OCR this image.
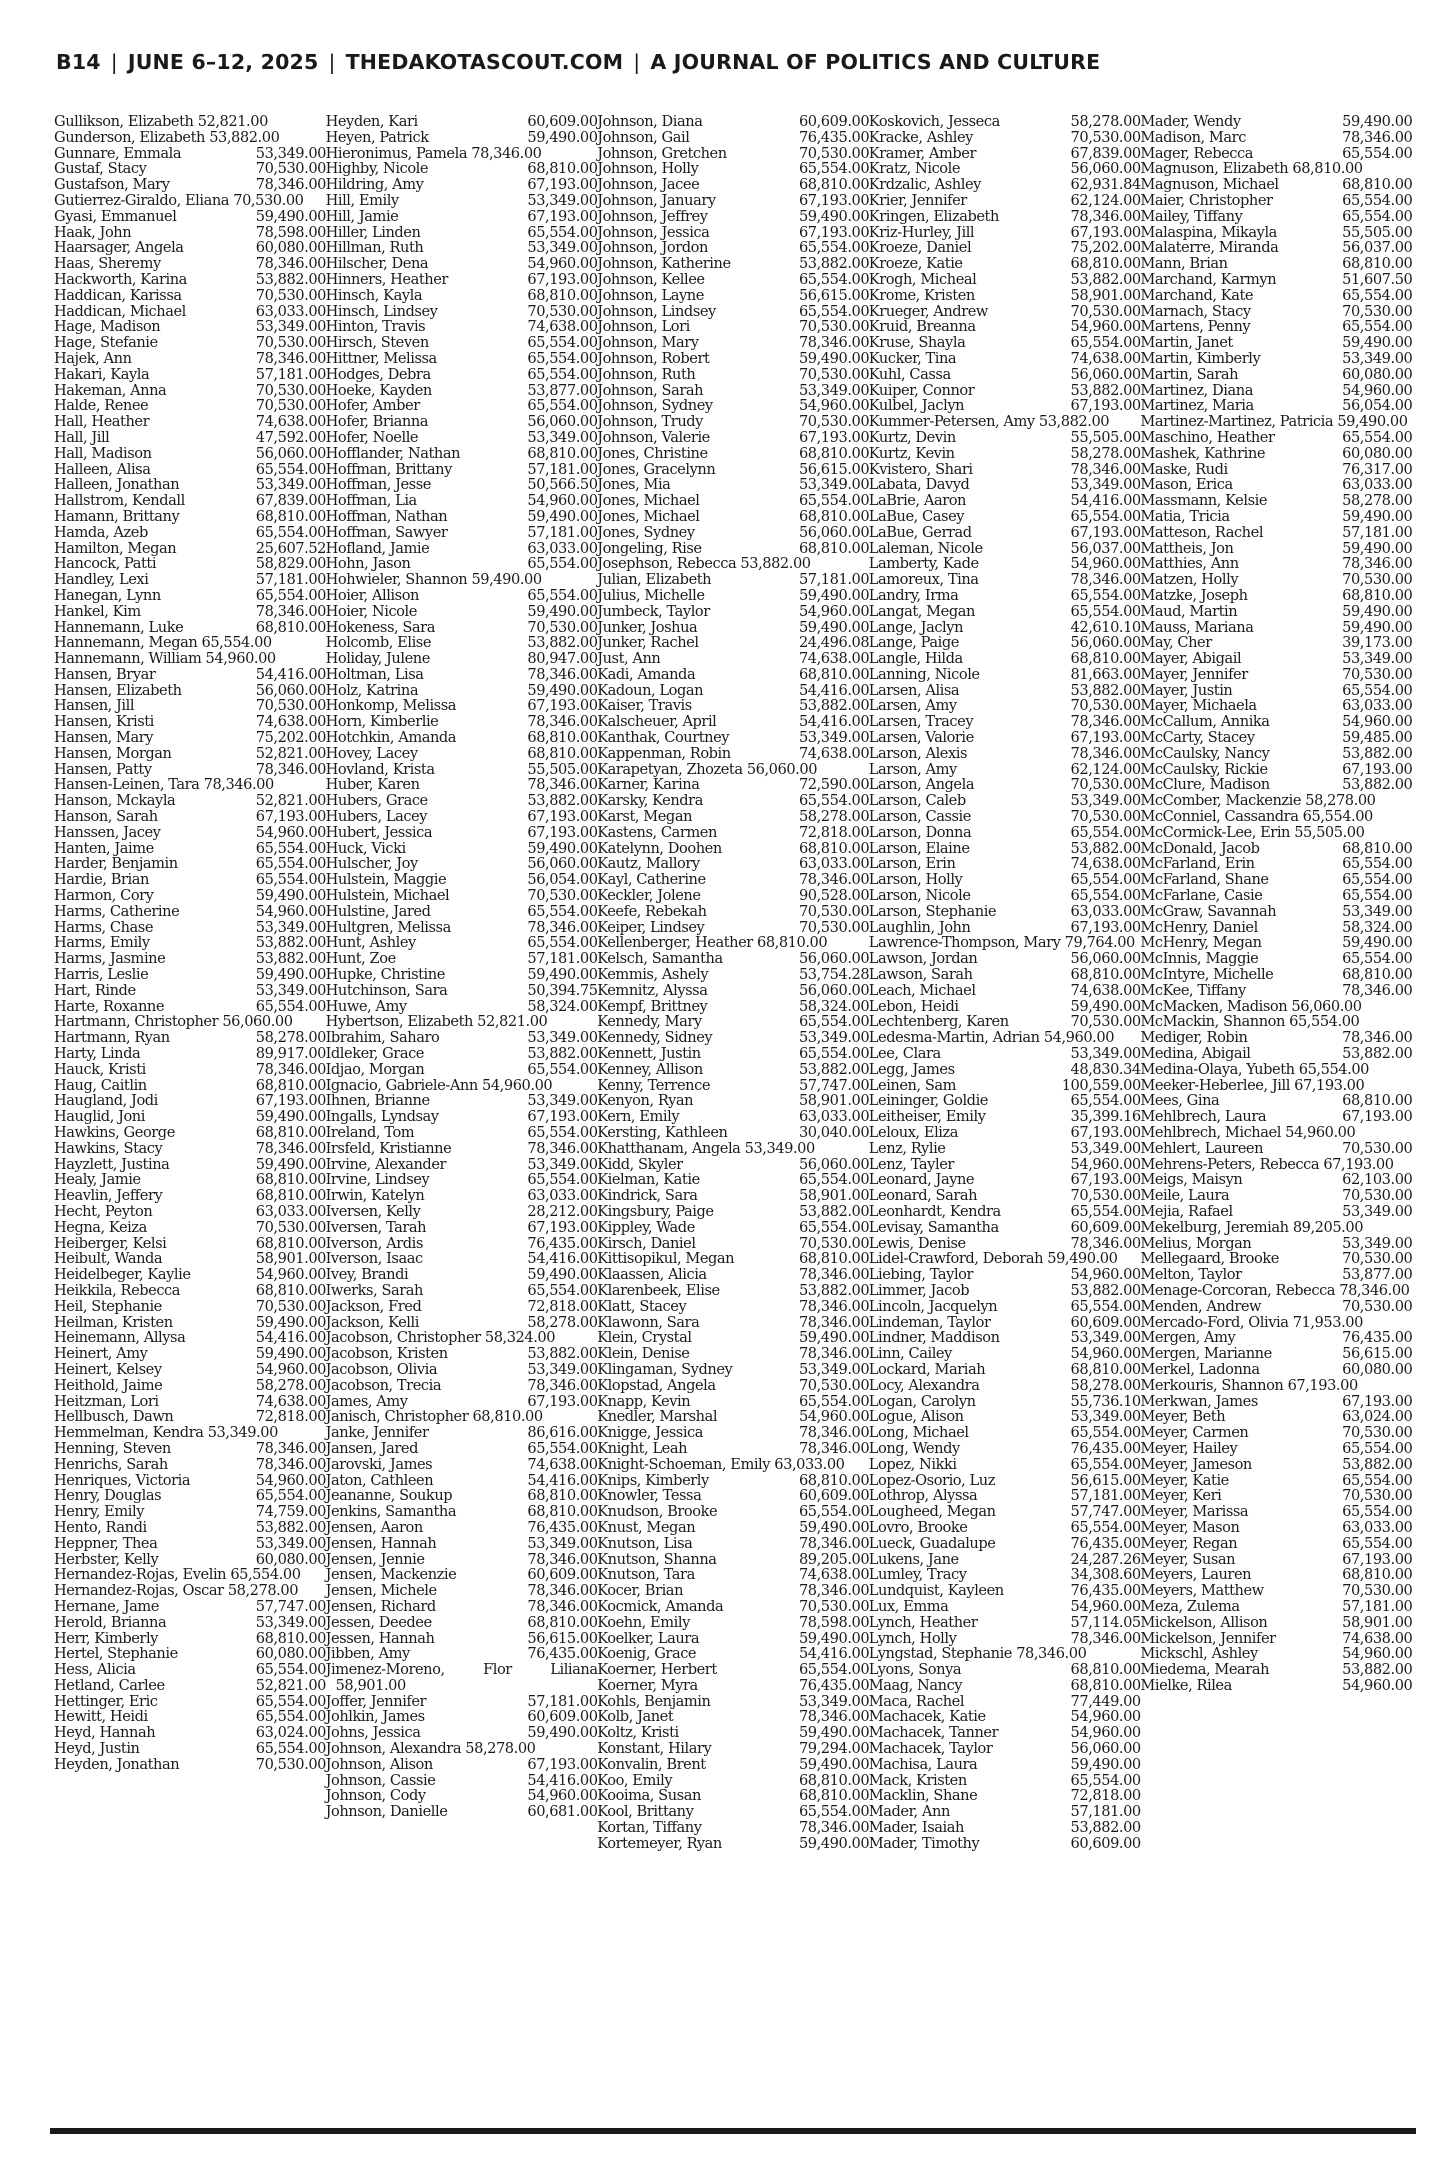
B14 | JUNE 6–12, 2025 | THEDAKOTASCOUT.COM | A JOURNAL OF POLITICS AND CULTURE
Gullikson, Elizabeth 52,821.00
Gunderson, Elizabeth 53,882.00
Gunnare, Emmala	53,349.00
Gustaf, Stacy	70,530.00
Gustafson, Mary	78,346.00
Gutierrez-Giraldo, Eliana 70,530.00
Gyasi, Emmanuel	59,490.00
Haak, John	78,598.00
Haarsager, Angela	60,080.00
Haas, Sheremy	78,346.00
Hackworth, Karina	53,882.00
Haddican, Karissa	70,530.00
Haddican, Michael	63,033.00
Hage, Madison	53,349.00
Hage, Stefanie	70,530.00
Hajek, Ann	78,346.00
Hakari, Kayla	57,181.00
Hakeman, Anna	70,530.00
Halde, Renee	70,530.00
Hall, Heather	74,638.00
Hall, Jill	47,592.00
Hall, Madison	56,060.00
Halleen, Alisa	65,554.00
Halleen, Jonathan	53,349.00
Hallstrom, Kendall	67,839.00
Hamann, Brittany	68,810.00
Hamda, Azeb	65,554.00
Hamilton, Megan	25,607.52
Hancock, Patti	58,829.00
Handley, Lexi	57,181.00
Hanegan, Lynn	65,554.00
Hankel, Kim	78,346.00
Hannemann, Luke	68,810.00
Hannemann, Megan 65,554.00
Hannemann, William 54,960.00
Hansen, Bryar	54,416.00
Hansen, Elizabeth	56,060.00
Hansen, Jill	70,530.00
Hansen, Kristi	74,638.00
Hansen, Mary	75,202.00
Hansen, Morgan	52,821.00
Hansen, Patty	78,346.00
Hansen-Leinen, Tara 78,346.00
Hanson, Mckayla	52,821.00
Hanson, Sarah	67,193.00
Hanssen, Jacey	54,960.00
Hanten, Jaime	65,554.00
Harder, Benjamin	65,554.00
Hardie, Brian	65,554.00
Harmon, Cory	59,490.00
Harms, Catherine	54,960.00
Harms, Chase	53,349.00
Harms, Emily	53,882.00
Harms, Jasmine	53,882.00
Harris, Leslie	59,490.00
Hart, Rinde	53,349.00
Harte, Roxanne	65,554.00
Hartmann, Christopher 56,060.00
Hartmann, Ryan	58,278.00
Harty, Linda	89,917.00
Hauck, Kristi	78,346.00
Haug, Caitlin	68,810.00
Haugland, Jodi	67,193.00
Hauglid, Joni	59,490.00
Hawkins, George	68,810.00
Hawkins, Stacy	78,346.00
Hayzlett, Justina	59,490.00
Healy, Jamie	68,810.00
Heavlin, Jeffery	68,810.00
Hecht, Peyton	63,033.00
Hegna, Keiza	70,530.00
Heiberger, Kelsi	68,810.00
Heibult, Wanda	58,901.00
Heidelbeger, Kaylie	54,960.00
Heikkila, Rebecca	68,810.00
Heil, Stephanie	70,530.00
Heilman, Kristen	59,490.00
Heinemann, Allysa	54,416.00
Heinert, Amy	59,490.00
Heinert, Kelsey	54,960.00
Heithold, Jaime	58,278.00
Heitzman, Lori	74,638.00
Hellbusch, Dawn	72,818.00
Hemmelman, Kendra 53,349.00
Henning, Steven	78,346.00
Henrichs, Sarah	78,346.00
Henriques, Victoria	54,960.00
Henry, Douglas	65,554.00
Henry, Emily	74,759.00
Hento, Randi	53,882.00
Heppner, Thea	53,349.00
Herbster, Kelly	60,080.00
Hernandez-Rojas, Evelin 65,554.00
Hernandez-Rojas, Oscar 58,278.00
Hernane, Jame	57,747.00
Herold, Brianna	53,349.00
Herr, Kimberly	68,810.00
Hertel, Stephanie	60,080.00
Hess, Alicia	65,554.00
Hetland, Carlee	52,821.00
Hettinger, Eric	65,554.00
Hewitt, Heidi	65,554.00
Heyd, Hannah	63,024.00
Heyd, Justin	65,554.00
Heyden, Jonathan	70,530.00
Heyden, Kari	60,609.00
Heyen, Patrick	59,490.00
Hieronimus, Pamela 78,346.00
Highby, Nicole	68,810.00
Hildring, Amy	67,193.00
Hill, Emily	53,349.00
Hill, Jamie	67,193.00
Hiller, Linden	65,554.00
Hillman, Ruth	53,349.00
Hilscher, Dena	54,960.00
Hinners, Heather	67,193.00
Hinsch, Kayla	68,810.00
Hinsch, Lindsey	70,530.00
Hinton, Travis	74,638.00
Hirsch, Steven	65,554.00
Hittner, Melissa	65,554.00
Hodges, Debra	65,554.00
Hoeke, Kayden	53,877.00
Hofer, Amber	65,554.00
Hofer, Brianna	56,060.00
Hofer, Noelle	53,349.00
Hofflander, Nathan	68,810.00
Hoffman, Brittany	57,181.00
Hoffman, Jesse	50,566.50
Hoffman, Lia	54,960.00
Hoffman, Nathan	59,490.00
Hoffman, Sawyer	57,181.00
Hofland, Jamie	63,033.00
Hohn, Jason	65,554.00
Hohwieler, Shannon 59,490.00
Hoier, Allison	65,554.00
Hoier, Nicole	59,490.00
Hokeness, Sara	70,530.00
Holcomb, Elise	53,882.00
Holiday, Julene	80,947.00
Holtman, Lisa	78,346.00
Holz, Katrina	59,490.00
Honkomp, Melissa	67,193.00
Horn, Kimberlie	78,346.00
Hotchkin, Amanda	68,810.00
Hovey, Lacey	68,810.00
Hovland, Krista	55,505.00
Huber, Karen	78,346.00
Hubers, Grace	53,882.00
Hubers, Lacey	67,193.00
Hubert, Jessica	67,193.00
Huck, Vicki	59,490.00
Hulscher, Joy	56,060.00
Hulstein, Maggie	56,054.00
Hulstein, Michael	70,530.00
Hulstine, Jared	65,554.00
Hultgren, Melissa	78,346.00
Hunt, Ashley	65,554.00
Hunt, Zoe	57,181.00
Hupke, Christine	59,490.00
Hutchinson, Sara	50,394.75
Huwe, Amy	58,324.00
Hybertson, Elizabeth 52,821.00
Ibrahim, Saharo	53,349.00
Idleker, Grace	53,882.00
Idjao, Morgan	65,554.00
Ignacio, Gabriele-Ann 54,960.00
Ihnen, Brianne	53,349.00
Ingalls, Lyndsay	67,193.00
Ireland, Tom	65,554.00
Irsfeld, Kristianne	78,346.00
Irvine, Alexander	53,349.00
Irvine, Lindsey	65,554.00
Irwin, Katelyn	63,033.00
Iversen, Kelly	28,212.00
Iversen, Tarah	67,193.00
Iverson, Ardis	76,435.00
Iverson, Isaac	54,416.00
Ivey, Brandi	59,490.00
Iwerks, Sarah	65,554.00
Jackson, Fred	72,818.00
Jackson, Kelli	58,278.00
Jacobson, Christopher 58,324.00
Jacobson, Kristen	53,882.00
Jacobson, Olivia	53,349.00
Jacobson, Trecia	78,346.00
James, Amy	67,193.00
Janisch, Christopher 68,810.00
Janke, Jennifer	86,616.00
Jansen, Jared	65,554.00
Jarovski, James	74,638.00
Jaton, Cathleen	54,416.00
Jeananne, Soukup	68,810.00
Jenkins, Samantha	68,810.00
Jensen, Aaron	76,435.00
Jensen, Hannah	53,349.00
Jensen, Jennie	78,346.00
Jensen, Mackenzie	60,609.00
Jensen, Michele	78,346.00
Jensen, Richard	78,346.00
Jessen, Deedee	68,810.00
Jessen, Hannah	56,615.00
Jibben, Amy	76,435.00
Jimenez-Moreno, Flor Liliana 58,901.00
Joffer, Jennifer	57,181.00
Johlkin, James	60,609.00
Johns, Jessica	59,490.00
Johnson, Alexandra 58,278.00
Johnson, Alison	67,193.00
Johnson, Cassie	54,416.00
Johnson, Cody	54,960.00
Johnson, Danielle	60,681.00
Johnson, Diana	60,609.00
Johnson, Gail	76,435.00
Johnson, Gretchen	70,530.00
Johnson, Holly	65,554.00
Johnson, Jacee	68,810.00
Johnson, January	67,193.00
Johnson, Jeffrey	59,490.00
Johnson, Jessica	67,193.00
Johnson, Jordon	65,554.00
Johnson, Katherine	53,882.00
Johnson, Kellee	65,554.00
Johnson, Layne	56,615.00
Johnson, Lindsey	65,554.00
Johnson, Lori	70,530.00
Johnson, Mary	78,346.00
Johnson, Robert	59,490.00
Johnson, Ruth	70,530.00
Johnson, Sarah	53,349.00
Johnson, Sydney	54,960.00
Johnson, Trudy	70,530.00
Johnson, Valerie	67,193.00
Jones, Christine	68,810.00
Jones, Gracelynn	56,615.00
Jones, Mia	53,349.00
Jones, Michael	65,554.00
Jones, Michael	68,810.00
Jones, Sydney	56,060.00
Jongeling, Rise	68,810.00
Josephson, Rebecca 53,882.00
Julian, Elizabeth	57,181.00
Julius, Michelle	59,490.00
Jumbeck, Taylor	54,960.00
Junker, Joshua	59,490.00
Junker, Rachel	24,496.08
Just, Ann	74,638.00
Kadi, Amanda	68,810.00
Kadoun, Logan	54,416.00
Kaiser, Travis	53,882.00
Kalscheuer, April	54,416.00
Kanthak, Courtney	53,349.00
Kappenman, Robin	74,638.00
Karapetyan, Zhozeta 56,060.00
Karner, Karina	72,590.00
Karsky, Kendra	65,554.00
Karst, Megan	58,278.00
Kastens, Carmen	72,818.00
Katelynn, Doohen	68,810.00
Kautz, Mallory	63,033.00
Kayl, Catherine	78,346.00
Keckler, Jolene	90,528.00
Keefe, Rebekah	70,530.00
Keiper, Lindsey	70,530.00
Kellenberger, Heather 68,810.00
Kelsch, Samantha	56,060.00
Kemmis, Ashely	53,754.28
Kemnitz, Alyssa	56,060.00
Kempf, Brittney	58,324.00
Kennedy, Mary	65,554.00
Kennedy, Sidney	53,349.00
Kennett, Justin	65,554.00
Kenney, Allison	53,882.00
Kenny, Terrence	57,747.00
Kenyon, Ryan	58,901.00
Kern, Emily	63,033.00
Kersting, Kathleen	30,040.00
Khatthanam, Angela 53,349.00
Kidd, Skyler	56,060.00
Kielman, Katie	65,554.00
Kindrick, Sara	58,901.00
Kingsbury, Paige	53,882.00
Kippley, Wade	65,554.00
Kirsch, Daniel	70,530.00
Kittisopikul, Megan	68,810.00
Klaassen, Alicia	78,346.00
Klarenbeek, Elise	53,882.00
Klatt, Stacey	78,346.00
Klawonn, Sara	78,346.00
Klein, Crystal	59,490.00
Klein, Denise	78,346.00
Klingaman, Sydney	53,349.00
Klopstad, Angela	70,530.00
Knapp, Kevin	65,554.00
Knedler, Marshal	54,960.00
Knigge, Jessica	78,346.00
Knight, Leah	78,346.00
Knight-Schoeman, Emily 63,033.00
Knips, Kimberly	68,810.00
Knowler, Tessa	60,609.00
Knudson, Brooke	65,554.00
Knust, Megan	59,490.00
Knutson, Lisa	78,346.00
Knutson, Shanna	89,205.00
Knutson, Tara	74,638.00
Kocer, Brian	78,346.00
Kocmick, Amanda	70,530.00
Koehn, Emily	78,598.00
Koelker, Laura	59,490.00
Koenig, Grace	54,416.00
Koerner, Herbert	65,554.00
Koerner, Myra	76,435.00
Kohls, Benjamin	53,349.00
Kolb, Janet	78,346.00
Koltz, Kristi	59,490.00
Konstant, Hilary	79,294.00
Konvalin, Brent	59,490.00
Koo, Emily	68,810.00
Kooima, Susan	68,810.00
Kool, Brittany	65,554.00
Kortan, Tiffany	78,346.00
Kortemeyer, Ryan	59,490.00
Koskovich, Jesseca	58,278.00
Kracke, Ashley	70,530.00
Kramer, Amber	67,839.00
Kratz, Nicole	56,060.00
Krdzalic, Ashley	62,931.84
Krier, Jennifer	62,124.00
Kringen, Elizabeth	78,346.00
Kriz-Hurley, Jill	67,193.00
Kroeze, Daniel	75,202.00
Kroeze, Katie	68,810.00
Krogh, Micheal	53,882.00
Krome, Kristen	58,901.00
Krueger, Andrew	70,530.00
Kruid, Breanna	54,960.00
Kruse, Shayla	65,554.00
Kucker, Tina	74,638.00
Kuhl, Cassa	56,060.00
Kuiper, Connor	53,882.00
Kulbel, Jaclyn	67,193.00
Kummer-Petersen, Amy 53,882.00
Kurtz, Devin	55,505.00
Kurtz, Kevin	58,278.00
Kvistero, Shari	78,346.00
Labata, Davyd	53,349.00
LaBrie, Aaron	54,416.00
LaBue, Casey	65,554.00
LaBue, Gerrad	67,193.00
Laleman, Nicole	56,037.00
Lamberty, Kade	54,960.00
Lamoreux, Tina	78,346.00
Landry, Irma	65,554.00
Langat, Megan	65,554.00
Lange, Jaclyn	42,610.10
Lange, Paige	56,060.00
Langle, Hilda	68,810.00
Lanning, Nicole	81,663.00
Larsen, Alisa	53,882.00
Larsen, Amy	70,530.00
Larsen, Tracey	78,346.00
Larsen, Valorie	67,193.00
Larson, Alexis	78,346.00
Larson, Amy	62,124.00
Larson, Angela	70,530.00
Larson, Caleb	53,349.00
Larson, Cassie	70,530.00
Larson, Donna	65,554.00
Larson, Elaine	53,882.00
Larson, Erin	74,638.00
Larson, Holly	65,554.00
Larson, Nicole	65,554.00
Larson, Stephanie	63,033.00
Laughlin, John	67,193.00
Lawrence-Thompson, Mary 79,764.00
Lawson, Jordan	56,060.00
Lawson, Sarah	68,810.00
Leach, Michael	74,638.00
Lebon, Heidi	59,490.00
Lechtenberg, Karen	70,530.00
Ledesma-Martin, Adrian 54,960.00
Lee, Clara	53,349.00
Legg, James	48,830.34
Leinen, Sam	100,559.00
Leininger, Goldie	65,554.00
Leitheiser, Emily	35,399.16
Leloux, Eliza	67,193.00
Lenz, Rylie	53,349.00
Lenz, Tayler	54,960.00
Leonard, Jayne	67,193.00
Leonard, Sarah	70,530.00
Leonhardt, Kendra	65,554.00
Levisay, Samantha	60,609.00
Lewis, Denise	78,346.00
Lidel-Crawford, Deborah 59,490.00
Liebing, Taylor	54,960.00
Limmer, Jacob	53,882.00
Lincoln, Jacquelyn	65,554.00
Lindeman, Taylor	60,609.00
Lindner, Maddison	53,349.00
Linn, Cailey	54,960.00
Lockard, Mariah	68,810.00
Locy, Alexandra	58,278.00
Logan, Carolyn	55,736.10
Logue, Alison	53,349.00
Long, Michael	65,554.00
Long, Wendy	76,435.00
Lopez, Nikki	65,554.00
Lopez-Osorio, Luz	56,615.00
Lothrop, Alyssa	57,181.00
Lougheed, Megan	57,747.00
Lovro, Brooke	65,554.00
Lueck, Guadalupe	76,435.00
Lukens, Jane	24,287.26
Lumley, Tracy	34,308.60
Lundquist, Kayleen	76,435.00
Lux, Emma	54,960.00
Lynch, Heather	57,114.05
Lynch, Holly	78,346.00
Lyngstad, Stephanie 78,346.00
Lyons, Sonya	68,810.00
Maag, Nancy	68,810.00
Maca, Rachel	77,449.00
Machacek, Katie	54,960.00
Machacek, Tanner	54,960.00
Machacek, Taylor	56,060.00
Machisa, Laura	59,490.00
Mack, Kristen	65,554.00
Macklin, Shane	72,818.00
Mader, Ann	57,181.00
Mader, Isaiah	53,882.00
Mader, Timothy	60,609.00
Mader, Wendy	59,490.00
Madison, Marc	78,346.00
Mager, Rebecca	65,554.00
Magnuson, Elizabeth 68,810.00
Magnuson, Michael	68,810.00
Maier, Christopher	65,554.00
Mailey, Tiffany	65,554.00
Malaspina, Mikayla	55,505.00
Malaterre, Miranda	56,037.00
Mann, Brian	68,810.00
Marchand, Karmyn	51,607.50
Marchand, Kate	65,554.00
Marnach, Stacy	70,530.00
Martens, Penny	65,554.00
Martin, Janet	59,490.00
Martin, Kimberly	53,349.00
Martin, Sarah	60,080.00
Martinez, Diana	54,960.00
Martinez, Maria	56,054.00
Martinez-Martinez, Patricia 59,490.00
Maschino, Heather	65,554.00
Mashek, Kathrine	60,080.00
Maske, Rudi	76,317.00
Mason, Erica	63,033.00
Massmann, Kelsie	58,278.00
Matia, Tricia	59,490.00
Matteson, Rachel	57,181.00
Mattheis, Jon	59,490.00
Matthies, Ann	78,346.00
Matzen, Holly	70,530.00
Matzke, Joseph	68,810.00
Maud, Martin	59,490.00
Mauss, Mariana	59,490.00
May, Cher	39,173.00
Mayer, Abigail	53,349.00
Mayer, Jennifer	70,530.00
Mayer, Justin	65,554.00
Mayer, Michaela	63,033.00
McCallum, Annika	54,960.00
McCarty, Stacey	59,485.00
McCaulsky, Nancy	53,882.00
McCaulsky, Rickie	67,193.00
McClure, Madison	53,882.00
McComber, Mackenzie 58,278.00
McConniel, Cassandra 65,554.00
McCormick-Lee, Erin 55,505.00
McDonald, Jacob	68,810.00
McFarland, Erin	65,554.00
McFarland, Shane	65,554.00
McFarlane, Casie	65,554.00
McGraw, Savannah	53,349.00
McHenry, Daniel	58,324.00
McHenry, Megan	59,490.00
McInnis, Maggie	65,554.00
McIntyre, Michelle	68,810.00
McKee, Tiffany	78,346.00
McMacken, Madison 56,060.00
McMackin, Shannon 65,554.00
Mediger, Robin	78,346.00
Medina, Abigail	53,882.00
Medina-Olaya, Yubeth 65,554.00
Meeker-Heberlee, Jill 67,193.00
Mees, Gina	68,810.00
Mehlbrech, Laura	67,193.00
Mehlbrech, Michael 54,960.00
Mehlert, Laureen	70,530.00
Mehrens-Peters, Rebecca 67,193.00
Meigs, Maisyn	62,103.00
Meile, Laura	70,530.00
Mejia, Rafael	53,349.00
Mekelburg, Jeremiah 89,205.00
Melius, Morgan	53,349.00
Mellegaard, Brooke	70,530.00
Melton, Taylor	53,877.00
Menage-Corcoran, Rebecca 78,346.00
Menden, Andrew	70,530.00
Mercado-Ford, Olivia 71,953.00
Mergen, Amy	76,435.00
Mergen, Marianne	56,615.00
Merkel, Ladonna	60,080.00
Merkouris, Shannon 67,193.00
Merkwan, James	67,193.00
Meyer, Beth	63,024.00
Meyer, Carmen	70,530.00
Meyer, Hailey	65,554.00
Meyer, Jameson	53,882.00
Meyer, Katie	65,554.00
Meyer, Keri	70,530.00
Meyer, Marissa	65,554.00
Meyer, Mason	63,033.00
Meyer, Regan	65,554.00
Meyer, Susan	67,193.00
Meyers, Lauren	68,810.00
Meyers, Matthew	70,530.00
Meza, Zulema	57,181.00
Mickelson, Allison	58,901.00
Mickelson, Jennifer	74,638.00
Mickschl, Ashley	54,960.00
Miedema, Mearah	53,882.00
Mielke, Rilea	54,960.00
